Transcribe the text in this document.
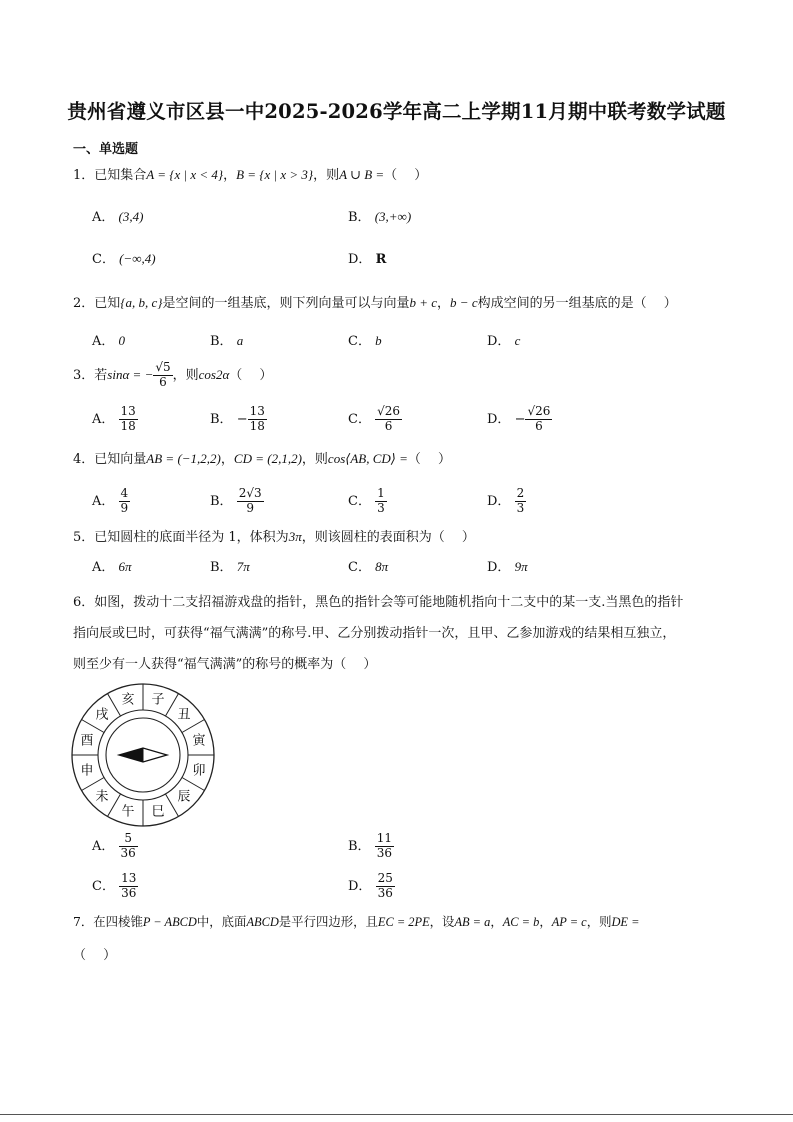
贵州省遵义市区县一中2025-2026学年高二上学期11月期中联考数学试题
一、单选题
1．已知集合A = {x | x < 4}，B = {x | x > 3}，则A ∪ B =（　 ）
A． (3,4)	B． (3,+∞)
C． (−∞,4)	D． R
2．已知{a, b, c}是空间的一组基底，则下列向量可以与向量b + c，b − c构成空间的另一组基底的是（　 ）
A． 0	B． a	C． b	D． c
3．若sinα = − $\frac{√5}{6}$ ，则cos2α（　 ）
A． $\frac{13}{18}$	B． − $\frac{13}{18}$	C． $\frac{√26}{6}$	D． − $\frac{√26}{6}$
4．已知向量AB = (−1,2,2)，CD = (2,1,2)，则cos⟨AB, CD⟩ =（　 ）
A． $\frac{4}{9}$	B． $\frac{2√3}{9}$	C． $\frac{1}{3}$	D． $\frac{2}{3}$
5．已知圆柱的底面半径为 1，体积为3π，则该圆柱的表面积为（　 ）
A． 6π	B． 7π	C． 8π	D． 9π
6．如图，拨动十二支招福游戏盘的指针，黑色的指针会等可能地随机指向十二支中的某一支.当黑色的指针
指向辰或巳时，可获得“福气满满”的称号.甲、乙分别拨动指针一次，且甲、乙参加游戏的结果相互独立，
则至少有一人获得“福气满满”的称号的概率为（　 ）
子
丑
寅
卯
辰
巳
午
未
申
酉
戌
亥
A． $\frac{5}{36}$	B． $\frac{11}{36}$
C． $\frac{13}{36}$	D． $\frac{25}{36}$
7．在四棱锥P − ABCD中，底面ABCD是平行四边形，且EC = 2PE，设AB = a，AC = b，AP = c，则DE =
（　 ）
